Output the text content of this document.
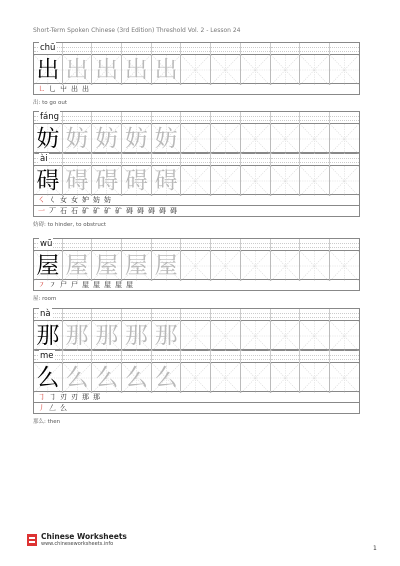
Short-Term Spoken Chinese (3rd Edition) Threshold Vol. 2 - Lesson 24
chū
出 出 出 出 出
㇗ 乚 屮 出 出
出: to go out
fáng
妨 妨 妨 妨 妨
ài
碍 碍 碍 碍 碍
㇛ 𡿨 女 女 妒 妨 妨
一 丆 石 石 矿 矿 矿 矿 碍 碍 碍 碍 碍
妨碍: to hinder, to obstruct
wū
屋 屋 屋 屋 屋
㇇ ㇇ 尸 尸 屋 屋 屋 屋 屋
屋: room
nà
那 那 那 那 那
me
么 么 么 么 么
㇆ ㇆ 刃 刃 那 那
丿 𠃋 么
那么: then
Chinese Worksheets
www.chineseworksheets.info
1
